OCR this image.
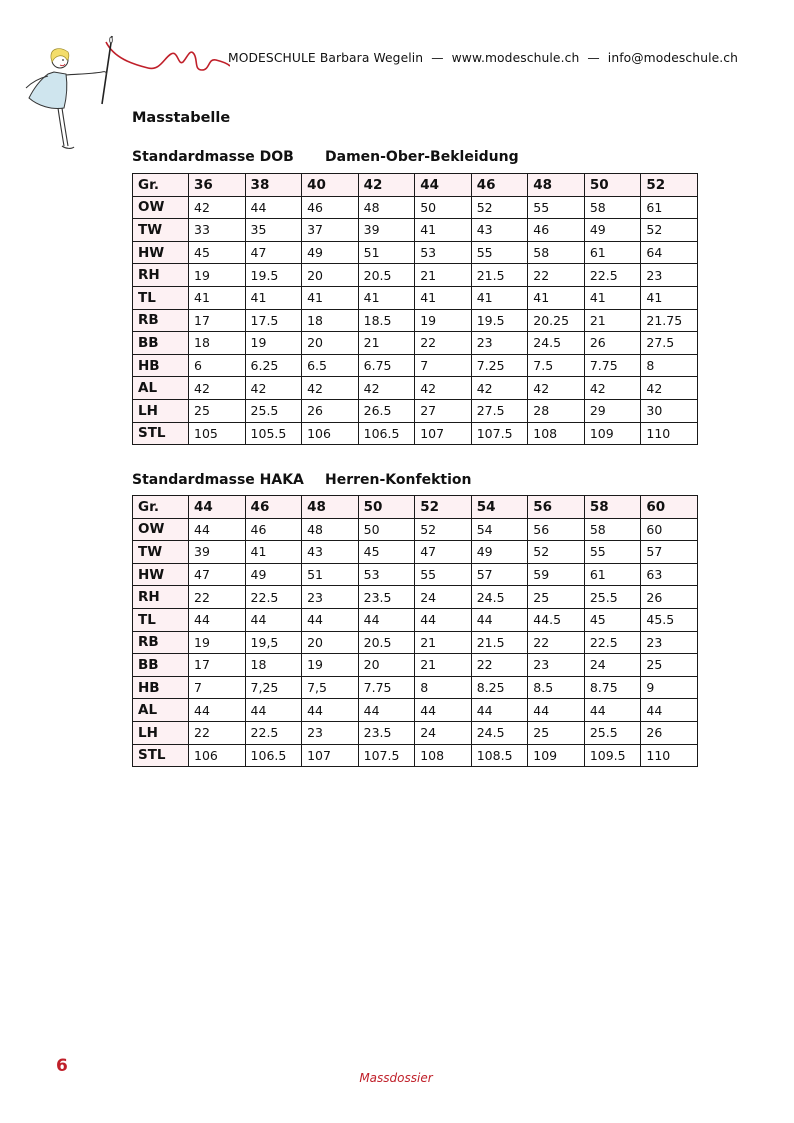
MODESCHULE Barbara Wegelin — www.modeschule.ch — info@modeschule.ch
Masstabelle
Standardmasse DOB Damen-Ober-Bekleidung
Gr.	36	38	40	42	44	46	48	50	52
OW	42	44	46	48	50	52	55	58	61
TW	33	35	37	39	41	43	46	49	52
HW	45	47	49	51	53	55	58	61	64
RH	19	19.5	20	20.5	21	21.5	22	22.5	23
TL	41	41	41	41	41	41	41	41	41
RB	17	17.5	18	18.5	19	19.5	20.25	21	21.75
BB	18	19	20	21	22	23	24.5	26	27.5
HB	6	6.25	6.5	6.75	7	7.25	7.5	7.75	8
AL	42	42	42	42	42	42	42	42	42
LH	25	25.5	26	26.5	27	27.5	28	29	30
STL	105	105.5	106	106.5	107	107.5	108	109	110
Standardmasse HAKA Herren-Konfektion
Gr.	44	46	48	50	52	54	56	58	60
OW	44	46	48	50	52	54	56	58	60
TW	39	41	43	45	47	49	52	55	57
HW	47	49	51	53	55	57	59	61	63
RH	22	22.5	23	23.5	24	24.5	25	25.5	26
TL	44	44	44	44	44	44	44.5	45	45.5
RB	19	19,5	20	20.5	21	21.5	22	22.5	23
BB	17	18	19	20	21	22	23	24	25
HB	7	7,25	7,5	7.75	8	8.25	8.5	8.75	9
AL	44	44	44	44	44	44	44	44	44
LH	22	22.5	23	23.5	24	24.5	25	25.5	26
STL	106	106.5	107	107.5	108	108.5	109	109.5	110
6
Massdossier
